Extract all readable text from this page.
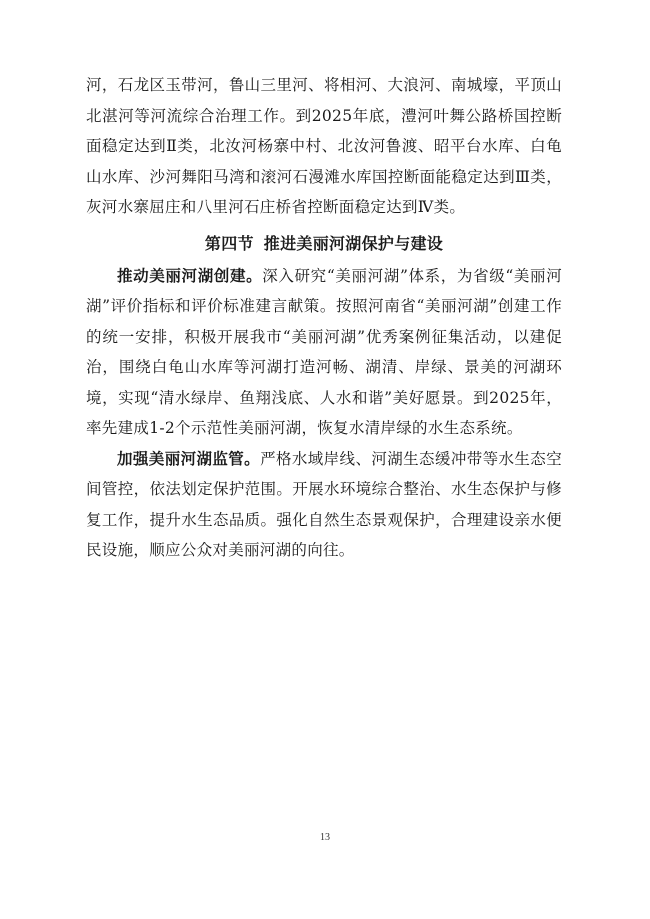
河，石龙区玉带河，鲁山三里河、将相河、大浪河、南城壕，平顶山北湛河等河流综合治理工作。到2025年底，澧河叶舞公路桥国控断面稳定达到Ⅱ类，北汝河杨寨中村、北汝河鲁渡、昭平台水库、白龟山水库、沙河舞阳马湾和滚河石漫滩水库国控断面能稳定达到Ⅲ类，灰河水寨屈庄和八里河石庄桥省控断面稳定达到Ⅳ类。

第四节 推进美丽河湖保护与建设

推动美丽河湖创建。深入研究“美丽河湖”体系，为省级“美丽河湖”评价指标和评价标准建言献策。按照河南省“美丽河湖”创建工作的统一安排，积极开展我市“美丽河湖”优秀案例征集活动，以建促治，围绕白龟山水库等河湖打造河畅、湖清、岸绿、景美的河湖环境，实现“清水绿岸、鱼翔浅底、人水和谐”美好愿景。到2025年，率先建成1-2个示范性美丽河湖，恢复水清岸绿的水生态系统。

加强美丽河湖监管。严格水域岸线、河湖生态缓冲带等水生态空间管控，依法划定保护范围。开展水环境综合整治、水生态保护与修复工作，提升水生态品质。强化自然生态景观保护，合理建设亲水便民设施，顺应公众对美丽河湖的向往。

13
